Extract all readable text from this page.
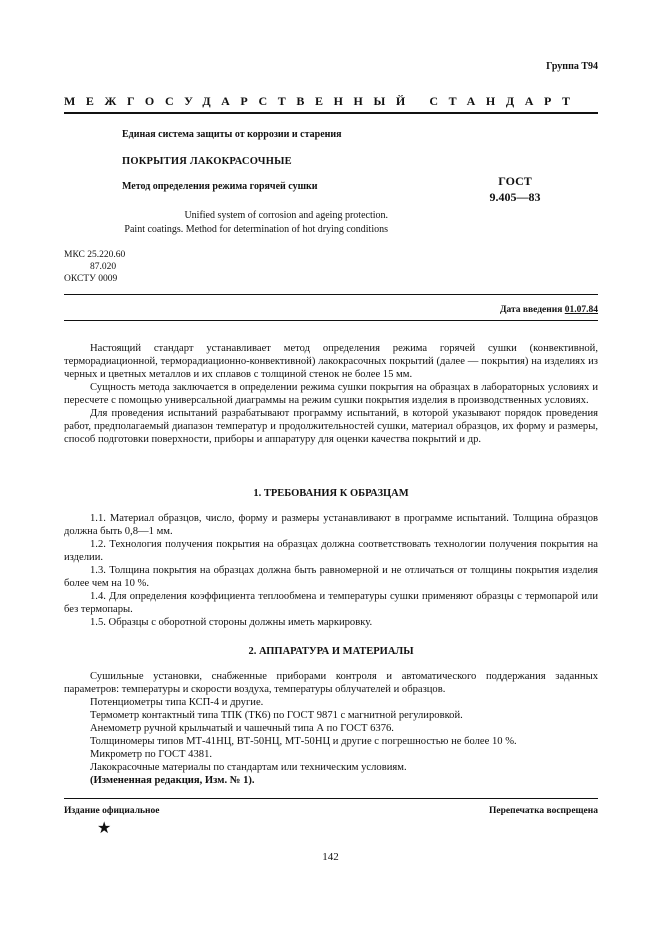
Группа Т94
МЕЖГОСУДАРСТВЕННЫЙ СТАНДАРТ
Единая система защиты от коррозии и старения
ПОКРЫТИЯ ЛАКОКРАСОЧНЫЕ
Метод определения режима горячей сушки	ГОСТ
9.405—83
Unified system of corrosion and ageing protection.
Paint coatings. Method for determination of hot drying conditions
МКС 25.220.60
87.020
ОКСТУ 0009
Дата введения 01.07.84

Настоящий стандарт устанавливает метод определения режима горячей сушки (конвективной, терморадиационной, терморадиационно-конвективной) лакокрасочных покрытий (далее — покрытия) на изделиях из черных и цветных металлов и их сплавов с толщиной стенок не более 15 мм.

Сущность метода заключается в определении режима сушки покрытия на образцах в лабораторных условиях и пересчете с помощью универсальной диаграммы на режим сушки покрытия изделия в производственных условиях.

Для проведения испытаний разрабатывают программу испытаний, в которой указывают порядок проведения работ, предполагаемый диапазон температур и продолжительностей сушки, материал образцов, их форму и размеры, способ подготовки поверхности, приборы и аппаратуру для оценки качества покрытий и др.

1. ТРЕБОВАНИЯ К ОБРАЗЦАМ

1.1. Материал образцов, число, форму и размеры устанавливают в программе испытаний. Толщина образцов должна быть 0,8—1 мм.

1.2. Технология получения покрытия на образцах должна соответствовать технологии получения покрытия на изделии.

1.3. Толщина покрытия на образцах должна быть равномерной и не отличаться от толщины покрытия изделия более чем на 10 %.

1.4. Для определения коэффициента теплообмена и температуры сушки применяют образцы с термопарой или без термопары.

1.5. Образцы с оборотной стороны должны иметь маркировку.

2. АППАРАТУРА И МАТЕРИАЛЫ

Сушильные установки, снабженные приборами контроля и автоматического поддержания заданных параметров: температуры и скорости воздуха, температуры облучателей и образцов.

Потенциометры типа КСП-4 и другие.

Термометр контактный типа ТПК (ТК6) по ГОСТ 9871 с магнитной регулировкой.

Анемометр ручной крыльчатый и чашечный типа А по ГОСТ 6376.

Толщиномеры типов МТ-41НЦ, ВТ-50НЦ, МТ-50НЦ и другие с погрешностью не более 10 %.

Микрометр по ГОСТ 4381.

Лакокрасочные материалы по стандартам или техническим условиям.

(Измененная редакция, Изм. № 1).

Издание официальное	Перепечатка воспрещена
★
142
